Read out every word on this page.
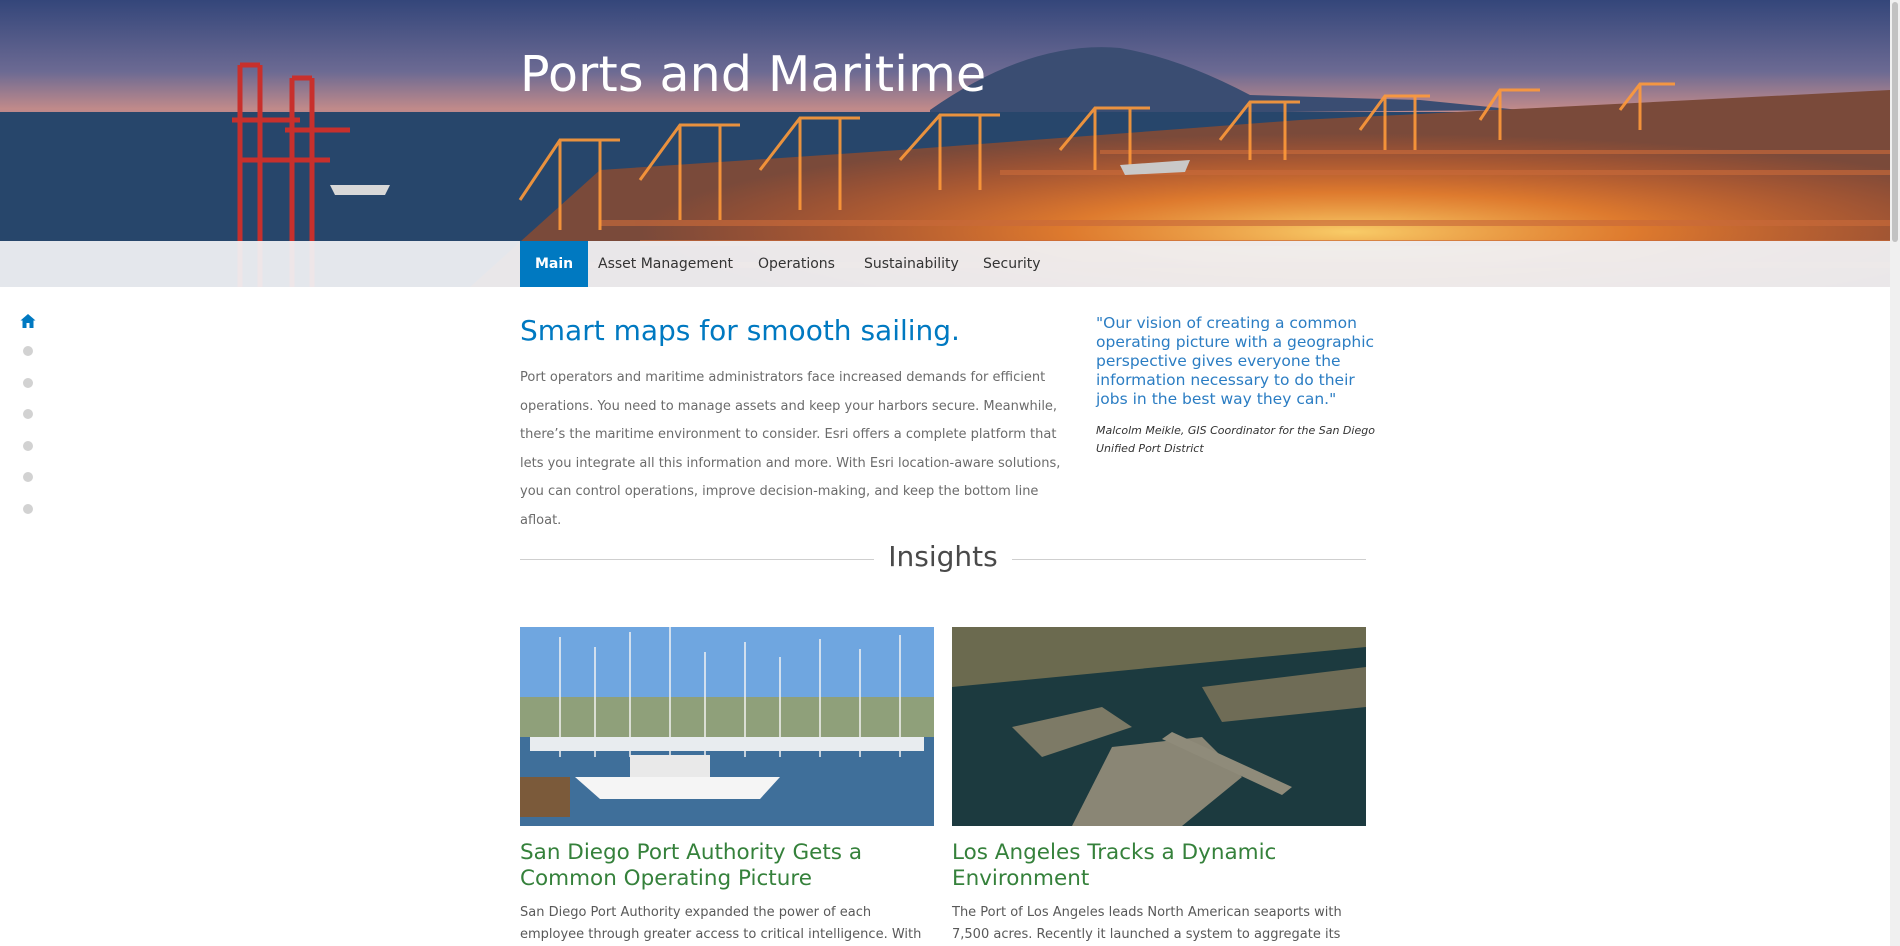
Ports and Maritime
Main	Asset Management	Operations	Sustainability	Security
Smart maps for smooth sailing.

Port operators and maritime administrators face increased demands for efficient operations. You need to manage assets and keep your harbors secure. Meanwhile, there’s the maritime environment to consider. Esri offers a complete platform that lets you integrate all this information and more. With Esri location-aware solutions, you can control operations, improve decision-making, and keep the bottom line afloat.

"Our vision of creating a common operating picture with a geographic perspective gives everyone the information necessary to do their jobs in the best way they can."

Malcolm Meikle, GIS Coordinator for the San Diego Unified Port District

Insights
San Diego Port Authority Gets a Common Operating Picture

San Diego Port Authority expanded the power of each employee through greater access to critical intelligence. With

Los Angeles Tracks a Dynamic Environment

The Port of Los Angeles leads North American seaports with 7,500 acres. Recently it launched a system to aggregate its
